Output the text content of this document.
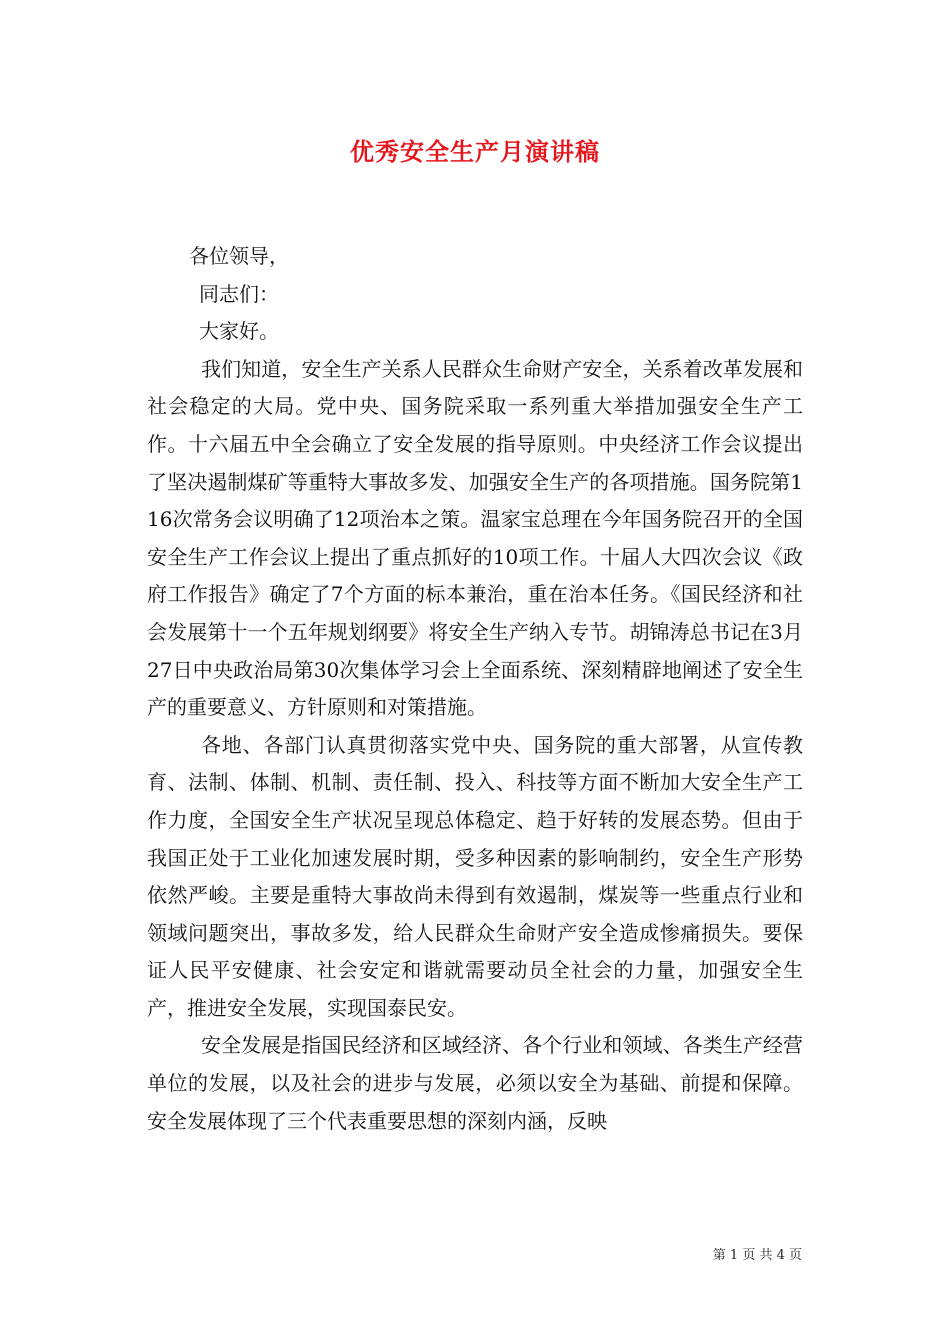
优秀安全生产月演讲稿

各位领导，

同志们：

大家好。

我们知道，安全生产关系人民群众生命财产安全，关系着改革发展和社会稳定的大局。党中央、国务院采取一系列重大举措加强安全生产工作。十六届五中全会确立了安全发展的指导原则。中央经济工作会议提出了坚决遏制煤矿等重特大事故多发、加强安全生产的各项措施。国务院第116次常务会议明确了12项治本之策。温家宝总理在今年国务院召开的全国安全生产工作会议上提出了重点抓好的10项工作。十届人大四次会议《政府工作报告》确定了7个方面的标本兼治，重在治本任务。《国民经济和社会发展第十一个五年规划纲要》将安全生产纳入专节。胡锦涛总书记在3月27日中央政治局第30次集体学习会上全面系统、深刻精辟地阐述了安全生产的重要意义、方针原则和对策措施。

各地、各部门认真贯彻落实党中央、国务院的重大部署，从宣传教育、法制、体制、机制、责任制、投入、科技等方面不断加大安全生产工作力度，全国安全生产状况呈现总体稳定、趋于好转的发展态势。但由于我国正处于工业化加速发展时期，受多种因素的影响制约，安全生产形势依然严峻。主要是重特大事故尚未得到有效遏制，煤炭等一些重点行业和领域问题突出，事故多发，给人民群众生命财产安全造成惨痛损失。要保证人民平安健康、社会安定和谐就需要动员全社会的力量，加强安全生产，推进安全发展，实现国泰民安。

安全发展是指国民经济和区域经济、各个行业和领域、各类生产经营单位的发展，以及社会的进步与发展，必须以安全为基础、前提和保障。安全发展体现了三个代表重要思想的深刻内涵，反映

第 1 页 共 4 页
